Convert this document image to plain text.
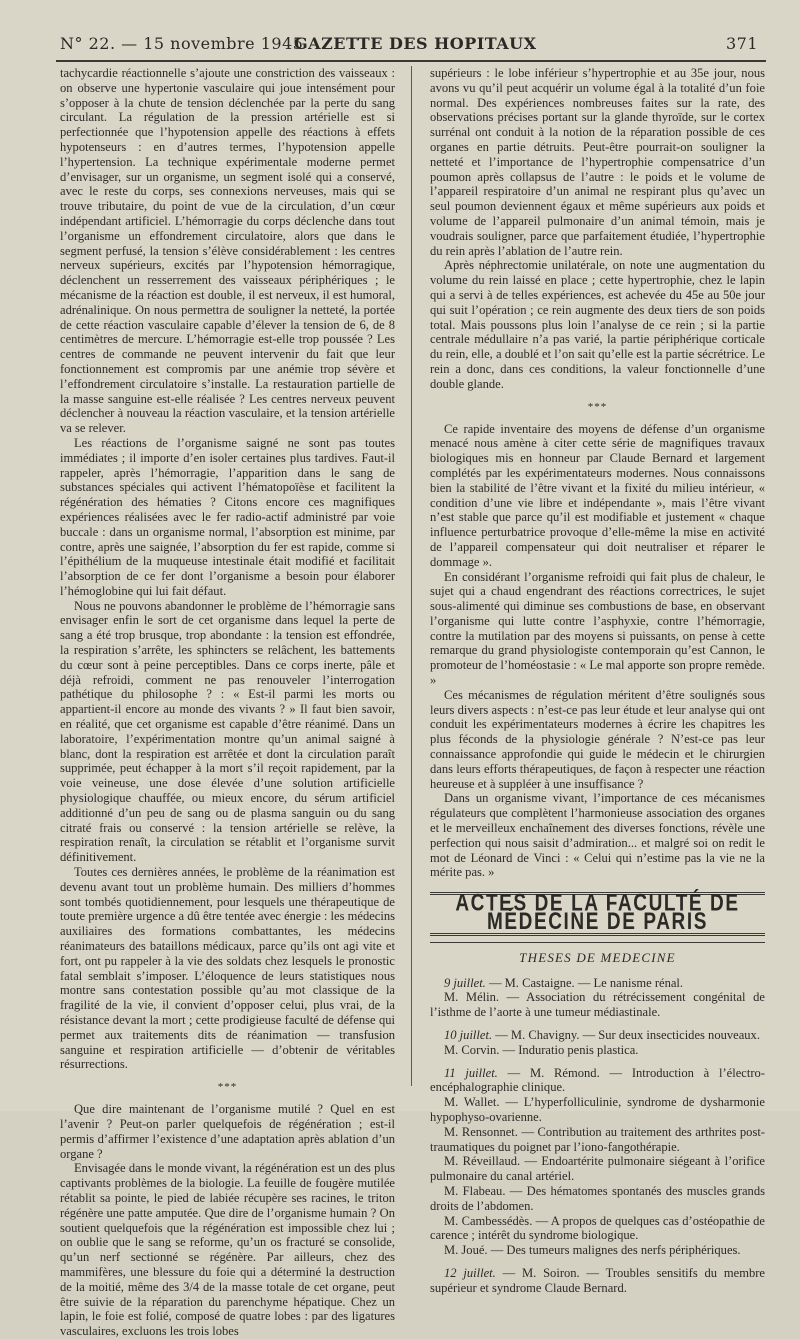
N° 22. — 15 novembre 1945
GAZETTE DES HOPITAUX	371

tachycardie réactionnelle s’ajoute une constriction des vaisseaux : on observe une hypertonie vasculaire qui joue intensément pour s’opposer à la chute de tension déclenchée par la perte du sang circulant. La régulation de la pression artérielle est si perfectionnée que l’hypotension appelle des réactions à effets hypotenseurs : en d’autres termes, l’hypotension appelle l’hypertension. La technique expérimentale moderne permet d’envisager, sur un organisme, un segment isolé qui a conservé, avec le reste du corps, ses connexions nerveuses, mais qui se trouve tributaire, du point de vue de la circulation, d’un cœur indépendant artificiel. L’hémorragie du corps déclenche dans tout l’organisme un effondrement circulatoire, alors que dans le segment perfusé, la tension s’élève considérablement : les centres nerveux supérieurs, excités par l’hypotension hémorragique, déclenchent un resserrement des vaisseaux périphériques ; le mécanisme de la réaction est double, il est nerveux, il est humoral, adrénalinique. On nous permettra de souligner la netteté, la portée de cette réaction vasculaire capable d’élever la tension de 6, de 8 centimètres de mercure. L’hémorragie est-elle trop poussée ? Les centres de commande ne peuvent intervenir du fait que leur fonctionnement est compromis par une anémie trop sévère et l’effondrement circulatoire s’installe. La restauration partielle de la masse sanguine est-elle réalisée ? Les centres nerveux peuvent déclencher à nouveau la réaction vasculaire, et la tension artérielle va se relever.

Les réactions de l’organisme saigné ne sont pas toutes immédiates ; il importe d’en isoler certaines plus tardives. Faut-il rappeler, après l’hémorragie, l’apparition dans le sang de substances spéciales qui activent l’hématopoïèse et facilitent la régénération des hématies ? Citons encore ces magnifiques expériences réalisées avec le fer radio-actif administré par voie buccale : dans un organisme normal, l’absorption est minime, par contre, après une saignée, l’absorption du fer est rapide, comme si l’épithélium de la muqueuse intestinale était modifié et facilitait l’absorption de ce fer dont l’organisme a besoin pour élaborer l’hémoglobine qui lui fait défaut.

Nous ne pouvons abandonner le problème de l’hémorragie sans envisager enfin le sort de cet organisme dans lequel la perte de sang a été trop brusque, trop abondante : la tension est effondrée, la respiration s’arrête, les sphincters se relâchent, les battements du cœur sont à peine perceptibles. Dans ce corps inerte, pâle et déjà refroidi, comment ne pas renouveler l’interrogation pathétique du philosophe ? : « Est-il parmi les morts ou appartient-il encore au monde des vivants ? » Il faut bien savoir, en réalité, que cet organisme est capable d’être réanimé. Dans un laboratoire, l’expérimentation montre qu’un animal saigné à blanc, dont la respiration est arrêtée et dont la circulation paraît supprimée, peut échapper à la mort s’il reçoit rapidement, par la voie veineuse, une dose élevée d’une solution artificielle physiologique chauffée, ou mieux encore, du sérum artificiel additionné d’un peu de sang ou de plasma sanguin ou du sang citraté frais ou conservé : la tension artérielle se relève, la respiration renaît, la circulation se rétablit et l’organisme survit définitivement.

Toutes ces dernières années, le problème de la réanimation est devenu avant tout un problème humain. Des milliers d’hommes sont tombés quotidiennement, pour lesquels une thérapeutique de toute première urgence a dû être tentée avec énergie : les médecins auxiliaires des formations combattantes, les médecins réanimateurs des bataillons médicaux, parce qu’ils ont agi vite et fort, ont pu rappeler à la vie des soldats chez lesquels le pronostic fatal semblait s’imposer. L’éloquence de leurs statistiques nous montre sans contestation possible qu’au mot classique de la fragilité de la vie, il convient d’opposer celui, plus vrai, de la résistance devant la mort ; cette prodigieuse faculté de défense qui permet aux traitements dits de réanimation — transfusion sanguine et respiration artificielle — d’obtenir de véritables résurrections.

***

Que dire maintenant de l’organisme mutilé ? Quel en est l’avenir ? Peut-on parler quelquefois de régénération ; est-il permis d’affirmer l’existence d’une adaptation après ablation d’un organe ?

Envisagée dans le monde vivant, la régénération est un des plus captivants problèmes de la biologie. La feuille de fougère mutilée rétablit sa pointe, le pied de labiée récupère ses racines, le triton régénère une patte amputée. Que dire de l’organisme humain ? On soutient quelquefois que la régénération est impossible chez lui ; on oublie que le sang se reforme, qu’un os fracturé se consolide, qu’un nerf sectionné se régénère. Par ailleurs, chez des mammifères, une blessure du foie qui a déterminé la destruction de la moitié, même des 3/4 de la masse totale de cet organe, peut être suivie de la réparation du parenchyme hépatique. Chez un lapin, le foie est folié, composé de quatre lobes : par des ligatures vasculaires, excluons les trois lobes

supérieurs : le lobe inférieur s’hypertrophie et au 35e jour, nous avons vu qu’il peut acquérir un volume égal à la totalité d’un foie normal. Des expériences nombreuses faites sur la rate, des observations précises portant sur la glande thyroïde, sur le cortex surrénal ont conduit à la notion de la réparation possible de ces organes en partie détruits. Peut-être pourrait-on souligner la netteté et l’importance de l’hypertrophie compensatrice d’un poumon après collapsus de l’autre : le poids et le volume de l’appareil respiratoire d’un animal ne respirant plus qu’avec un seul poumon deviennent égaux et même supérieurs aux poids et volume de l’appareil pulmonaire d’un animal témoin, mais je voudrais souligner, parce que parfaitement étudiée, l’hypertrophie du rein après l’ablation de l’autre rein.

Après néphrectomie unilatérale, on note une augmentation du volume du rein laissé en place ; cette hypertrophie, chez le lapin qui a servi à de telles expériences, est achevée du 45e au 50e jour qui suit l’opération ; ce rein augmente des deux tiers de son poids total. Mais poussons plus loin l’analyse de ce rein ; si la partie centrale médullaire n’a pas varié, la partie périphérique corticale du rein, elle, a doublé et l’on sait qu’elle est la partie sécrétrice. Le rein a donc, dans ces conditions, la valeur fonctionnelle d’une double glande.

***

Ce rapide inventaire des moyens de défense d’un organisme menacé nous amène à citer cette série de magnifiques travaux biologiques mis en honneur par Claude Bernard et largement complétés par les expérimentateurs modernes. Nous connaissons bien la stabilité de l’être vivant et la fixité du milieu intérieur, « condition d’une vie libre et indépendante », mais l’être vivant n’est stable que parce qu’il est modifiable et justement « chaque influence perturbatrice provoque d’elle-même la mise en activité de l’appareil compensateur qui doit neutraliser et réparer le dommage ».

En considérant l’organisme refroidi qui fait plus de chaleur, le sujet qui a chaud engendrant des réactions correctrices, le sujet sous-alimenté qui diminue ses combustions de base, en observant l’organisme qui lutte contre l’asphyxie, contre l’hémorragie, contre la mutilation par des moyens si puissants, on pense à cette remarque du grand physiologiste contemporain qu’est Cannon, le promoteur de l’homéostasie : « Le mal apporte son propre remède. »

Ces mécanismes de régulation méritent d’être soulignés sous leurs divers aspects : n’est-ce pas leur étude et leur analyse qui ont conduit les expérimentateurs modernes à écrire les chapitres les plus féconds de la physiologie générale ? N’est-ce pas leur connaissance approfondie qui guide le médecin et le chirurgien dans leurs efforts thérapeutiques, de façon à respecter une réaction heureuse et à suppléer à une insuffisance ?

Dans un organisme vivant, l’importance de ces mécanismes régulateurs que complètent l’harmonieuse association des organes et le merveilleux enchaînement des diverses fonctions, révèle une perfection qui nous saisit d’admiration... et malgré soi on redit le mot de Léonard de Vinci : « Celui qui n’estime pas la vie ne la mérite pas. »

ACTES DE LA FACULTÉ DE MÉDECINE DE PARIS
THESES DE MEDECINE

9 juillet. — M. Castaigne. — Le nanisme rénal.

M. Mélin. — Association du rétrécissement congénital de l’isthme de l’aorte à une tumeur médiastinale.

10 juillet. — M. Chavigny. — Sur deux insecticides nouveaux.

M. Corvin. — Induratio penis plastica.

11 juillet. — M. Rémond. — Introduction à l’électro-encéphalographie clinique.

M. Wallet. — L’hyperfolliculinie, syndrome de dysharmonie hypophyso-ovarienne.

M. Rensonnet. — Contribution au traitement des arthrites post-traumatiques du poignet par l’iono-fangothérapie.

M. Réveillaud. — Endoartérite pulmonaire siégeant à l’orifice pulmonaire du canal artériel.

M. Flabeau. — Des hématomes spontanés des muscles grands droits de l’abdomen.

M. Cambessédès. — A propos de quelques cas d’ostéopathie de carence ; intérêt du syndrome biologique.

M. Joué. — Des tumeurs malignes des nerfs périphériques.

12 juillet. — M. Soiron. — Troubles sensitifs du membre supérieur et syndrome Claude Bernard.
